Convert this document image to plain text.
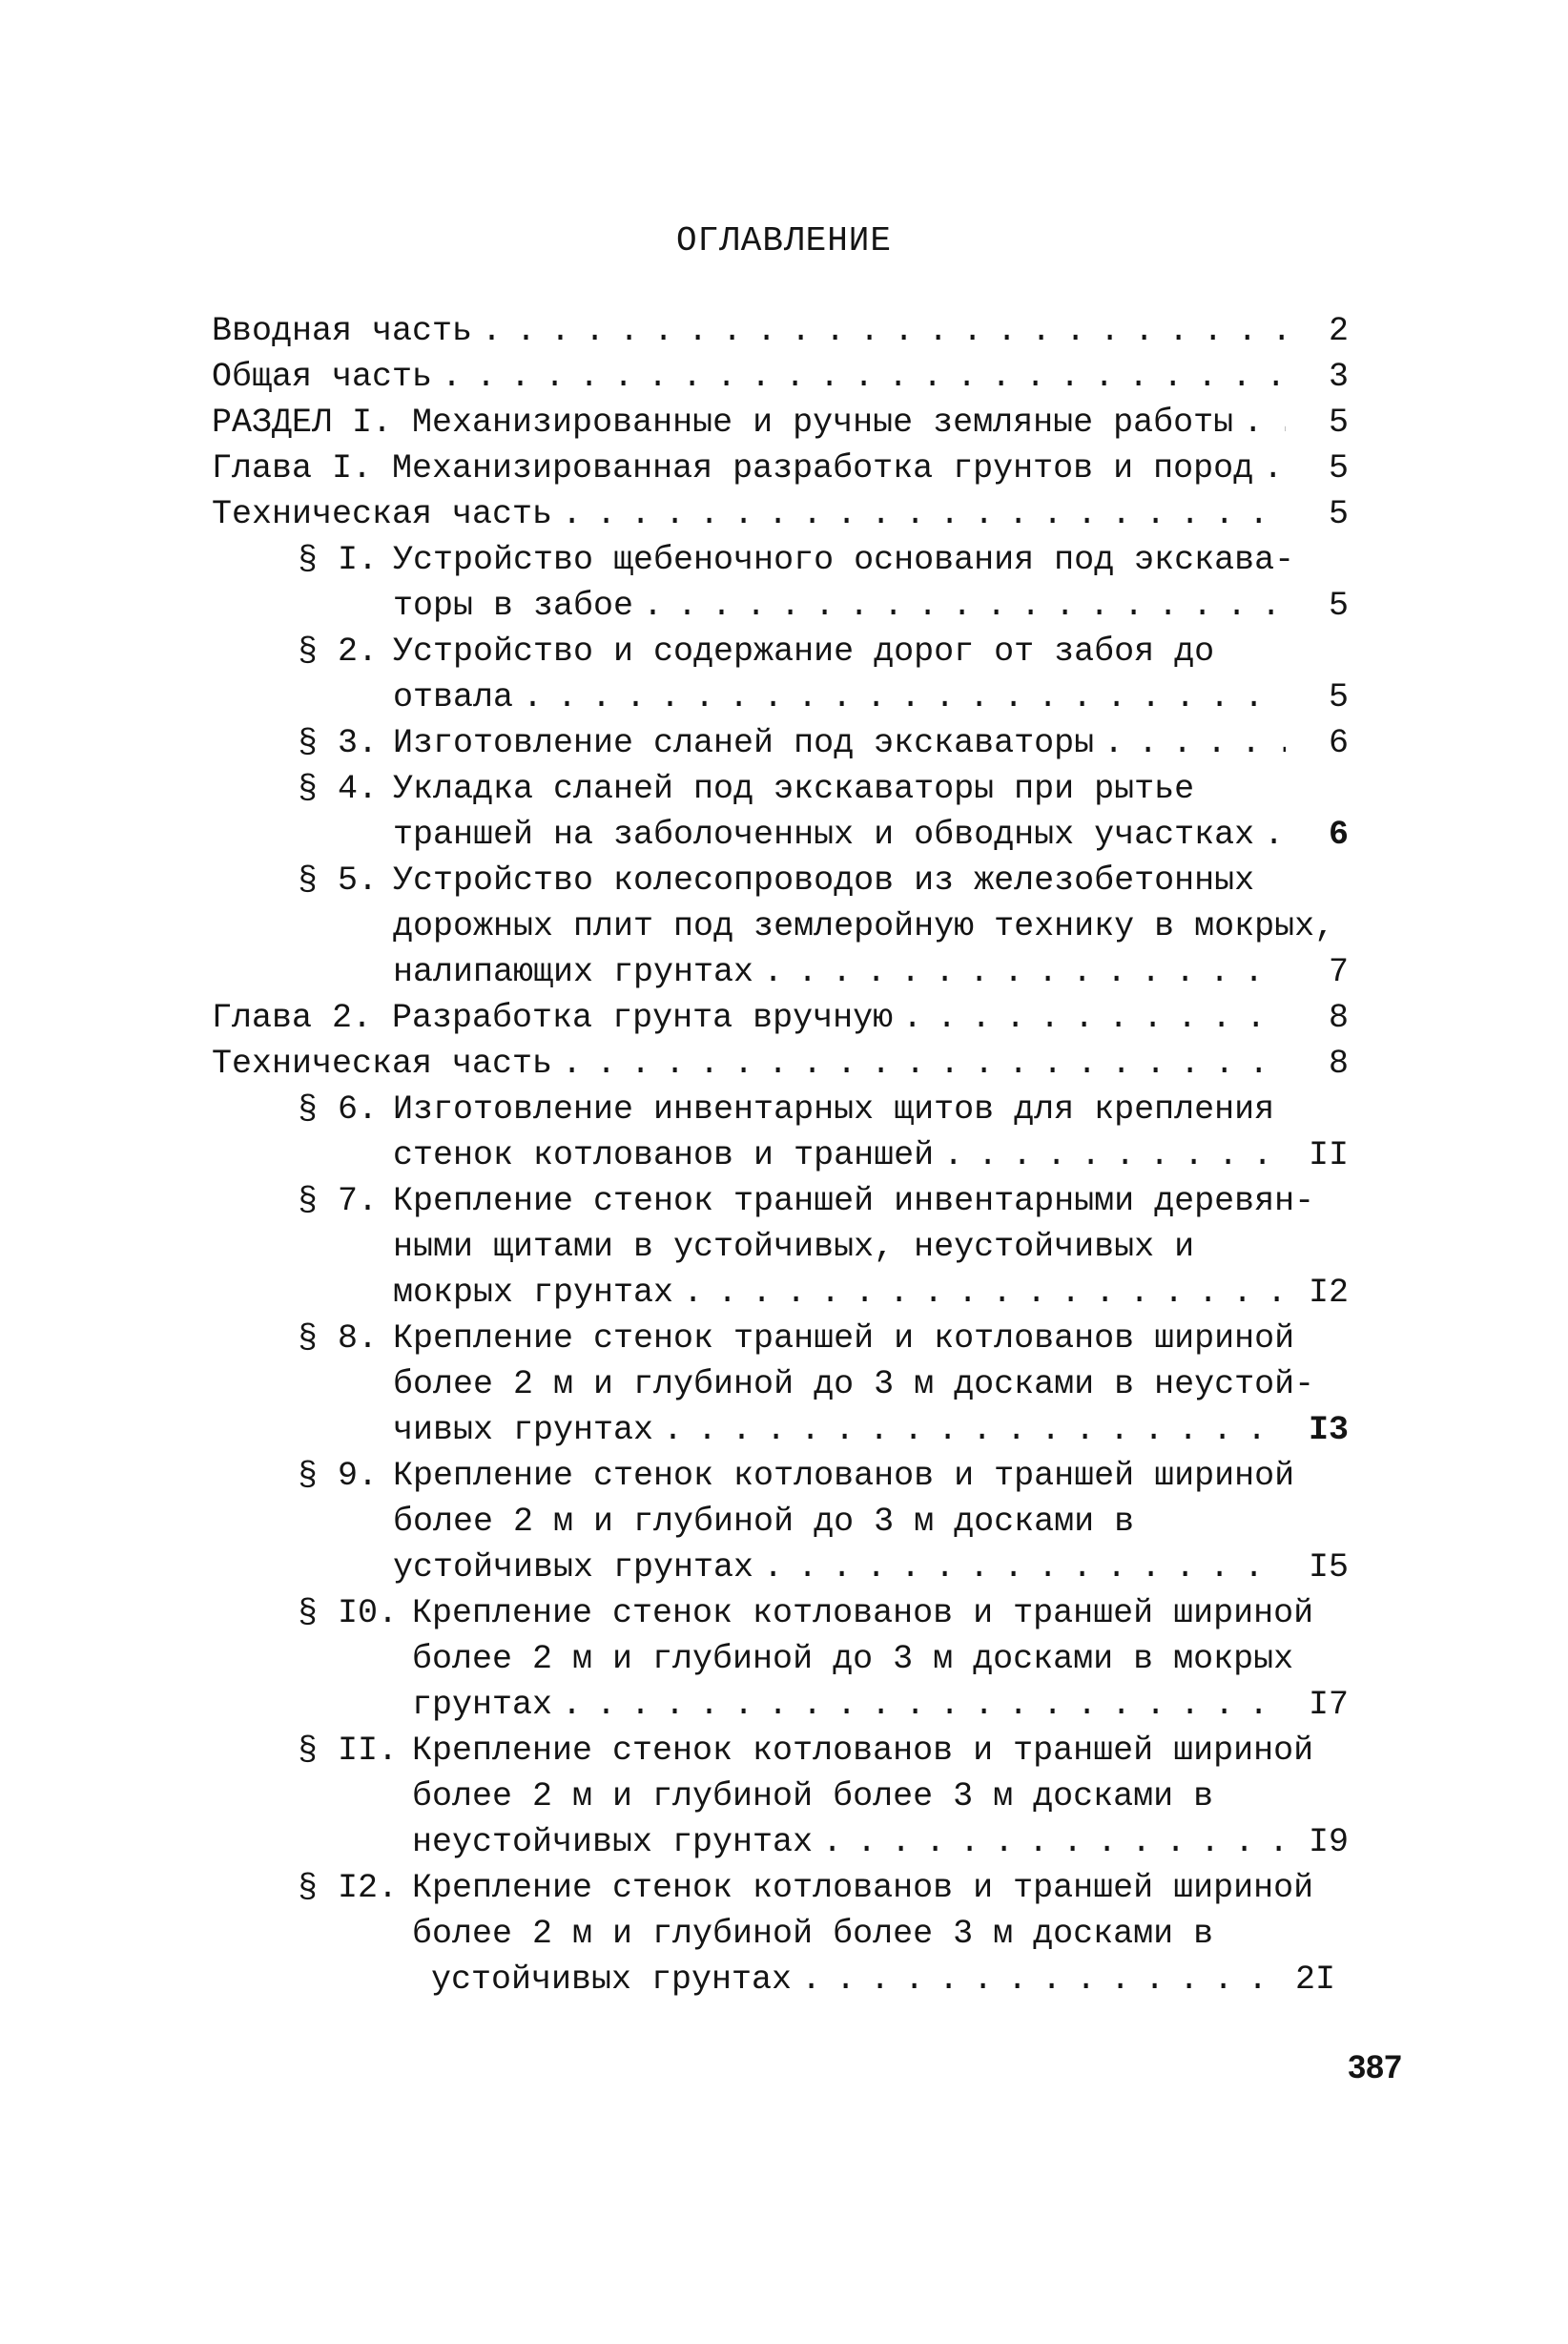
ОГЛАВЛЕНИЕ
Вводная часть . . .	2
Общая часть . . .	3
РАЗДЕЛ I. Механизированные и ручные земляные работы . . .	5
Глава I. Механизированная разработка грунтов и пород . . .	5
Техническая часть . . .	5
§ I. Устройство щебеночного основания под экскава-
торы в забое . . .	5
§ 2. Устройство и содержание дорог от забоя до
отвала . . .	5
§ 3. Изготовление сланей под экскаваторы . . .	6
§ 4. Укладка сланей под экскаваторы при рытье
траншей на заболоченных и обводных участках . . .	6
§ 5. Устройство колесопроводов из железобетонных
дорожных плит под землеройную технику в мокрых,
налипающих грунтах . . .	7
Глава 2. Разработка грунта вручную . . .	8
Техническая часть . . .	8
§ 6. Изготовление инвентарных щитов для крепления
стенок котлованов и траншей . . .	II
§ 7. Крепление стенок траншей инвентарными деревян-
ными щитами в устойчивых, неустойчивых и
мокрых грунтах . . .	I2
§ 8. Крепление стенок траншей и котлованов шириной
более 2 м и глубиной до 3 м досками в неустой-
чивых грунтах . . .	I3
§ 9. Крепление стенок котлованов и траншей шириной
более 2 м и глубиной до 3 м досками в
устойчивых грунтах . . .	I5
§ I0. Крепление стенок котлованов и траншей шириной
более 2 м и глубиной до 3 м досками в мокрых
грунтах . . .	I7
§ II. Крепление стенок котлованов и траншей шириной
более 2 м и глубиной более 3 м досками в
неустойчивых грунтах . . .	I9
§ I2. Крепление стенок котлованов и траншей шириной
более 2 м и глубиной более 3 м досками в
устойчивых грунтах . . .	2I
387
